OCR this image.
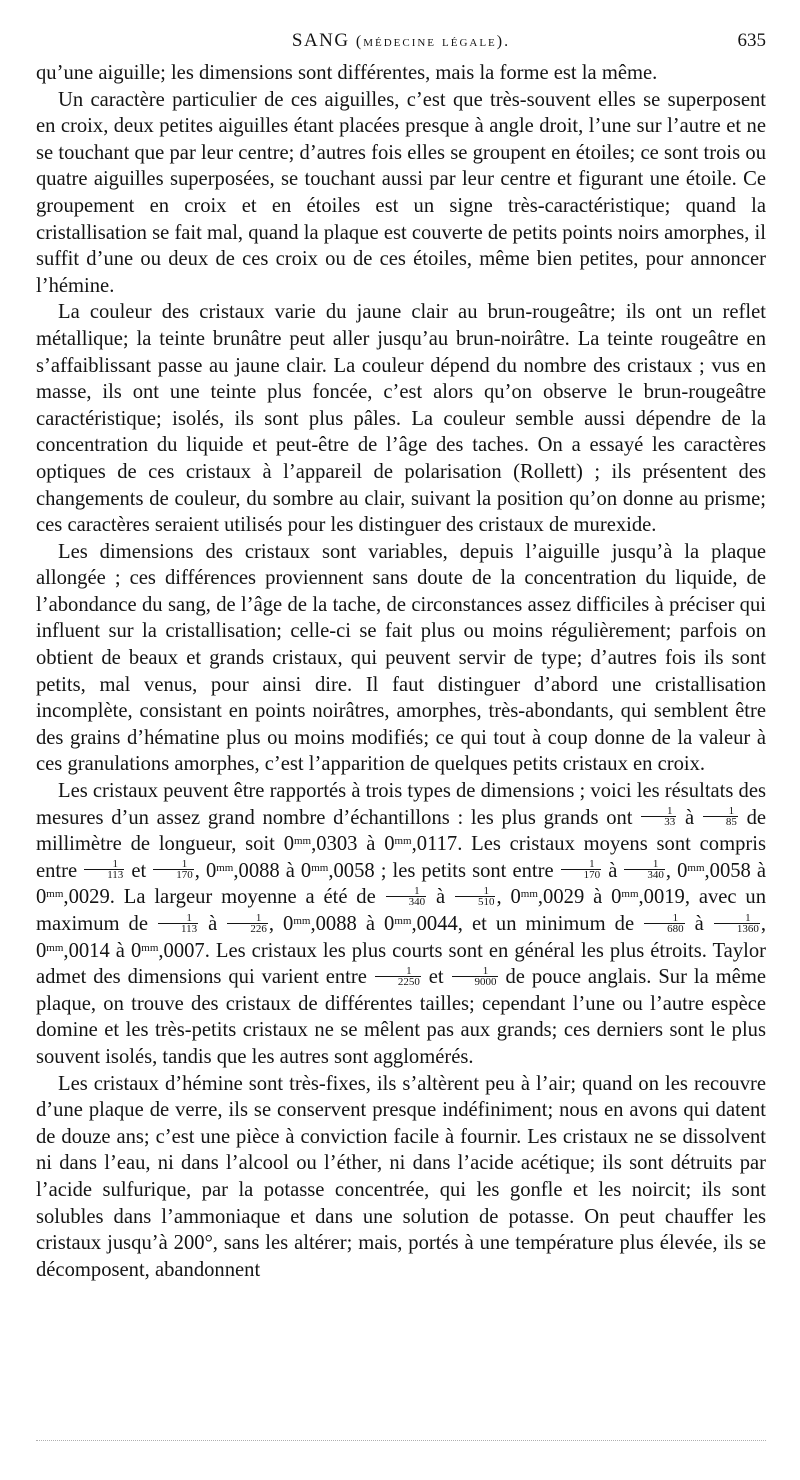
SANG (médecine légale).	635

qu’une aiguille; les dimensions sont différentes, mais la forme est la même.

Un caractère particulier de ces aiguilles, c’est que très-souvent elles se superposent en croix, deux petites aiguilles étant placées presque à angle droit, l’une sur l’autre et ne se touchant que par leur centre; d’autres fois elles se groupent en étoiles; ce sont trois ou quatre aiguilles superposées, se touchant aussi par leur centre et figurant une étoile. Ce groupement en croix et en étoiles est un signe très-caractéristique; quand la cristallisation se fait mal, quand la plaque est couverte de petits points noirs amorphes, il suffit d’une ou deux de ces croix ou de ces étoiles, même bien petites, pour annoncer l’hémine.

La couleur des cristaux varie du jaune clair au brun-rougeâtre; ils ont un reflet métallique; la teinte brunâtre peut aller jusqu’au brun-noirâtre. La teinte rougeâtre en s’affaiblissant passe au jaune clair. La couleur dépend du nombre des cristaux ; vus en masse, ils ont une teinte plus foncée, c’est alors qu’on observe le brun-rougeâtre caractéristique; isolés, ils sont plus pâles. La couleur semble aussi dépendre de la concentration du liquide et peut-être de l’âge des taches. On a essayé les caractères optiques de ces cristaux à l’appareil de polarisation (Rollett) ; ils présentent des changements de couleur, du sombre au clair, suivant la position qu’on donne au prisme; ces caractères seraient utilisés pour les distinguer des cristaux de murexide.

Les dimensions des cristaux sont variables, depuis l’aiguille jusqu’à la plaque allongée ; ces différences proviennent sans doute de la concentration du liquide, de l’abondance du sang, de l’âge de la tache, de circonstances assez difficiles à préciser qui influent sur la cristallisation; celle-ci se fait plus ou moins régulièrement; parfois on obtient de beaux et grands cristaux, qui peuvent servir de type; d’autres fois ils sont petits, mal venus, pour ainsi dire. Il faut distinguer d’abord une cristallisation incomplète, consistant en points noirâtres, amorphes, très-abondants, qui semblent être des grains d’hématine plus ou moins modifiés; ce qui tout à coup donne de la valeur à ces granulations amorphes, c’est l’apparition de quelques petits cristaux en croix.

Les cristaux peuvent être rapportés à trois types de dimensions ; voici les résultats des mesures d’un assez grand nombre d’échantillons : les plus grands ont $\frac{1}{33}$ à $\frac{1}{85}$ de millimètre de longueur, soit $0^{mm},0303$ à $0^{mm},0117$. Les cristaux moyens sont compris entre $\frac{1}{113}$ et $\frac{1}{170}$ , $0^{mm},0088$ à $0^{mm},0058$ ; les petits sont entre $\frac{1}{170}$ à $\frac{1}{340}$ , $0^{mm},0058$ à $0^{mm},0029$. La largeur moyenne a été de $\frac{1}{340}$ à $\frac{1}{510}$ , $0^{mm},0029$ à $0^{mm},0019$, avec un maximum de $\frac{1}{113}$ à $\frac{1}{226}$ , $0^{mm},0088$ à $0^{mm},0044$, et un minimum de $\frac{1}{680}$ à $\frac{1}{1360}$ , $0^{mm},0014$ à $0^{mm},0007$. Les cristaux les plus courts sont en général les plus étroits. Taylor admet des dimensions qui varient entre $\frac{1}{2250}$ et $\frac{1}{9000}$ de pouce anglais. Sur la même plaque, on trouve des cristaux de différentes tailles; cependant l’une ou l’autre espèce domine et les très-petits cristaux ne se mêlent pas aux grands; ces derniers sont le plus souvent isolés, tandis que les autres sont agglomérés.

Les cristaux d’hémine sont très-fixes, ils s’altèrent peu à l’air; quand on les recouvre d’une plaque de verre, ils se conservent presque indéfiniment; nous en avons qui datent de douze ans; c’est une pièce à conviction facile à fournir. Les cristaux ne se dissolvent ni dans l’eau, ni dans l’alcool ou l’éther, ni dans l’acide acétique; ils sont détruits par l’acide sulfurique, par la potasse concentrée, qui les gonfle et les noircit; ils sont solubles dans l’ammoniaque et dans une solution de potasse. On peut chauffer les cristaux jusqu’à 200°, sans les altérer; mais, portés à une température plus élevée, ils se décomposent, abandonnent
